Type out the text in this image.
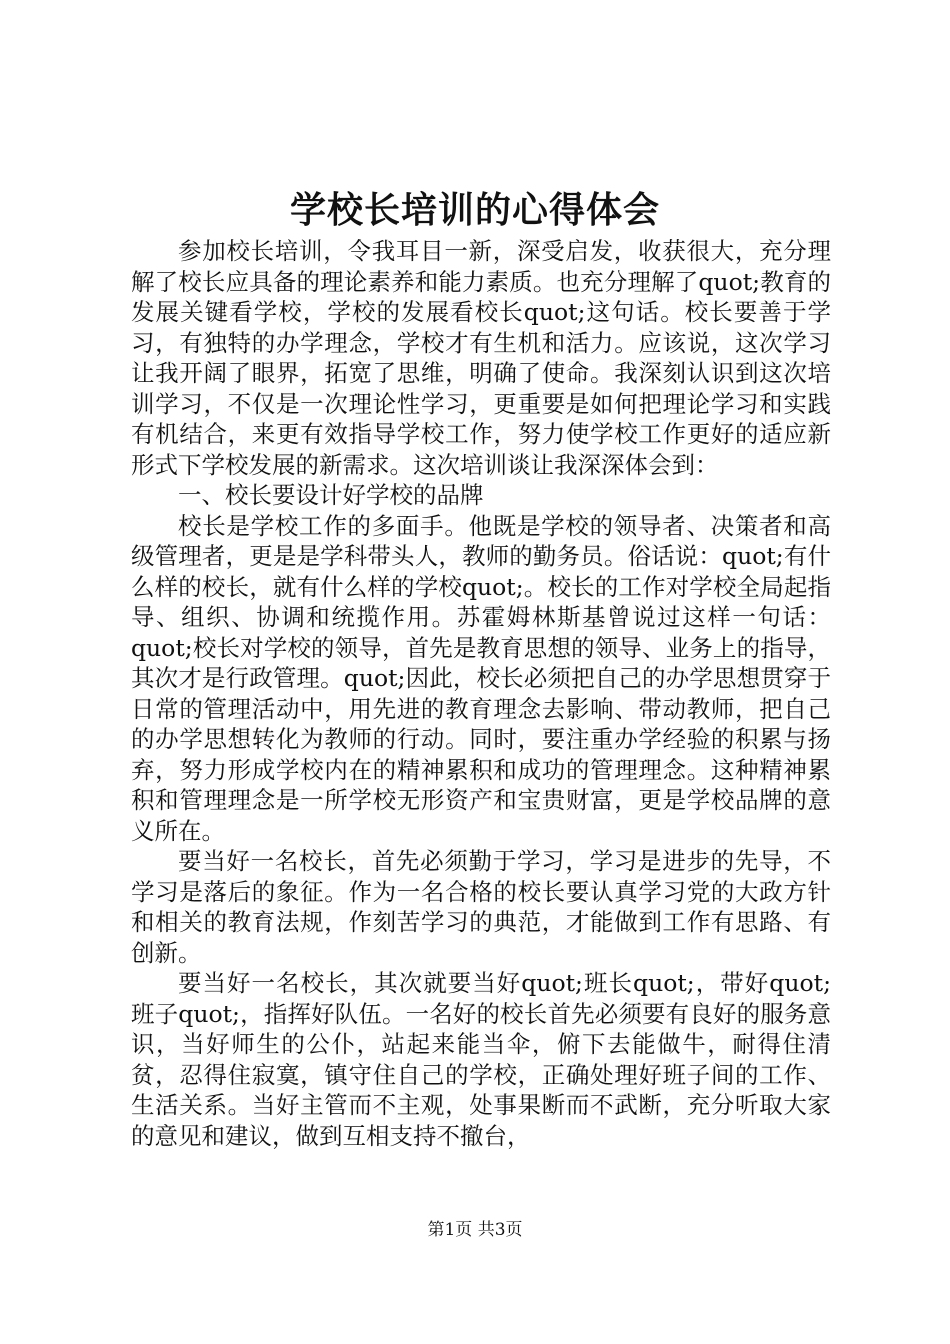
学校长培训的心得体会

参加校长培训，令我耳目一新，深受启发，收获很大，充分理解了校长应具备的理论素养和能力素质。也充分理解了quot;教育的发展关键看学校，学校的发展看校长quot;这句话。校长要善于学习，有独特的办学理念，学校才有生机和活力。应该说，这次学习让我开阔了眼界，拓宽了思维，明确了使命。我深刻认识到这次培训学习，不仅是一次理论性学习，更重要是如何把理论学习和实践有机结合，来更有效指导学校工作，努力使学校工作更好的适应新形式下学校发展的新需求。这次培训谈让我深深体会到：

一、校长要设计好学校的品牌

校长是学校工作的多面手。他既是学校的领导者、决策者和高级管理者，更是是学科带头人，教师的勤务员。俗话说：quot;有什么样的校长，就有什么样的学校quot;。校长的工作对学校全局起指导、组织、协调和统揽作用。苏霍姆林斯基曾说过这样一句话：quot;校长对学校的领导，首先是教育思想的领导、业务上的指导，其次才是行政管理。quot;因此，校长必须把自己的办学思想贯穿于日常的管理活动中，用先进的教育理念去影响、带动教师，把自己的办学思想转化为教师的行动。同时，要注重办学经验的积累与扬弃，努力形成学校内在的精神累积和成功的管理理念。这种精神累积和管理理念是一所学校无形资产和宝贵财富，更是学校品牌的意义所在。

要当好一名校长，首先必须勤于学习，学习是进步的先导，不学习是落后的象征。作为一名合格的校长要认真学习党的大政方针和相关的教育法规，作刻苦学习的典范，才能做到工作有思路、有创新。

要当好一名校长，其次就要当好quot;班长quot;，带好quot;班子quot;，指挥好队伍。一名好的校长首先必须要有良好的服务意识，当好师生的公仆，站起来能当伞，俯下去能做牛，耐得住清贫，忍得住寂寞，镇守住自己的学校，正确处理好班子间的工作、生活关系。当好主管而不主观，处事果断而不武断，充分听取大家的意见和建议，做到互相支持不撤台，

第1页 共3页
